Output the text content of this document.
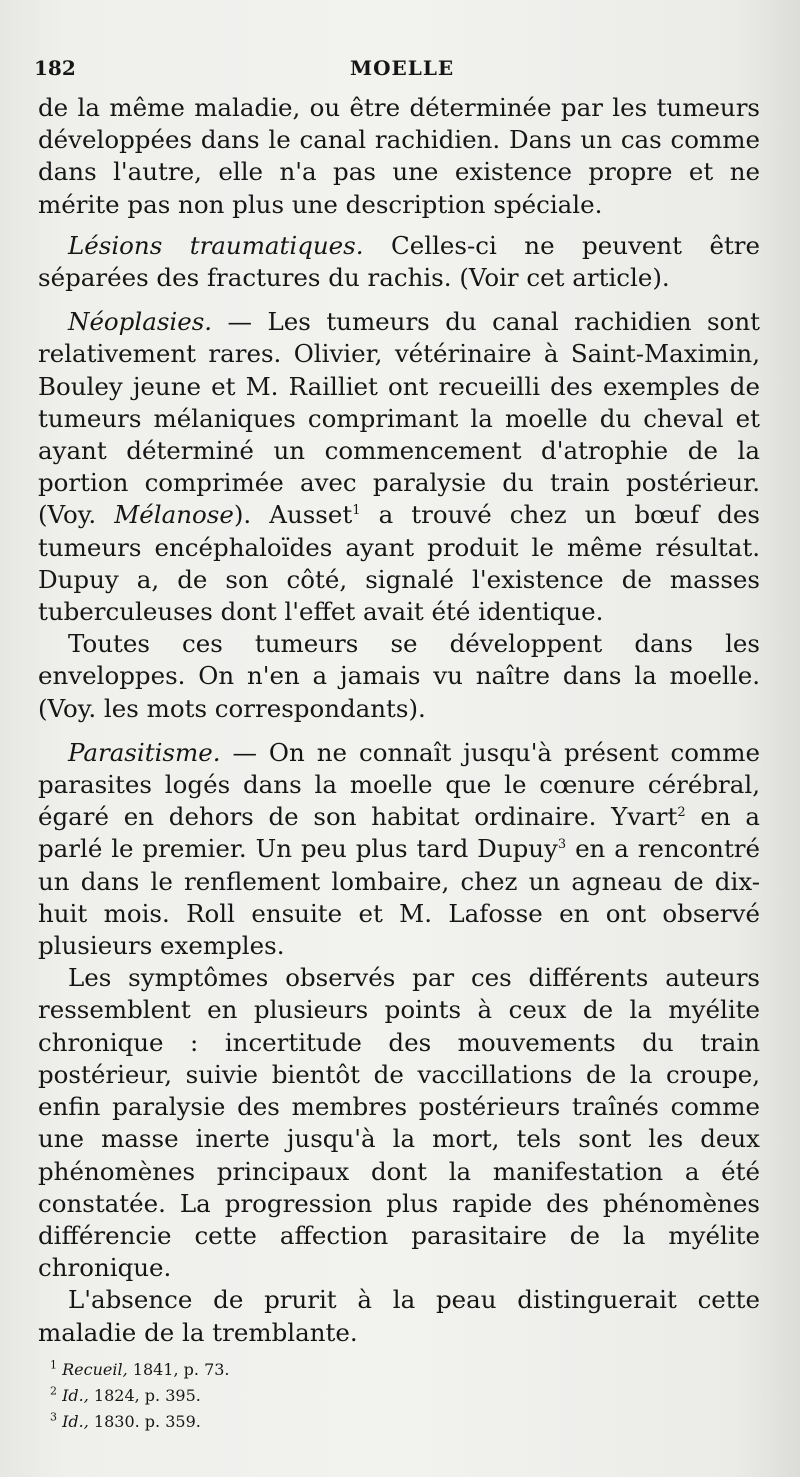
182	MOELLE

de la même maladie, ou être déterminée par les tumeurs développées dans le canal rachidien. Dans un cas comme dans l'autre, elle n'a pas une existence propre et ne mérite pas non plus une description spéciale.

Lésions traumatiques. Celles-ci ne peuvent être séparées des fractures du rachis. (Voir cet article).

Néoplasies. — Les tumeurs du canal rachidien sont relativement rares. Olivier, vétérinaire à Saint-Maximin, Bouley jeune et M. Railliet ont recueilli des exemples de tumeurs mélaniques comprimant la moelle du cheval et ayant déterminé un commencement d'atrophie de la portion comprimée avec paralysie du train postérieur. (Voy. Mélanose). Ausset$^1$ a trouvé chez un bœuf des tumeurs encéphaloïdes ayant produit le même résultat. Dupuy a, de son côté, signalé l'existence de masses tuberculeuses dont l'effet avait été identique.

Toutes ces tumeurs se développent dans les enveloppes. On n'en a jamais vu naître dans la moelle. (Voy. les mots correspondants).

Parasitisme. — On ne connaît jusqu'à présent comme parasites logés dans la moelle que le cœnure cérébral, égaré en dehors de son habitat ordinaire. Yvart$^2$ en a parlé le premier. Un peu plus tard Dupuy$^3$ en a rencontré un dans le renflement lombaire, chez un agneau de dix-huit mois. Roll ensuite et M. Lafosse en ont observé plusieurs exemples.

Les symptômes observés par ces différents auteurs ressemblent en plusieurs points à ceux de la myélite chronique : incertitude des mouvements du train postérieur, suivie bientôt de vaccillations de la croupe, enfin paralysie des membres postérieurs traînés comme une masse inerte jusqu'à la mort, tels sont les deux phénomènes principaux dont la manifestation a été constatée. La progression plus rapide des phénomènes différencie cette affection parasitaire de la myélite chronique.

L'absence de prurit à la peau distinguerait cette maladie de la tremblante.

$^1$ Recueil, 1841, p. 73.
$^2$ Id., 1824, p. 395.
$^3$ Id., 1830. p. 359.
